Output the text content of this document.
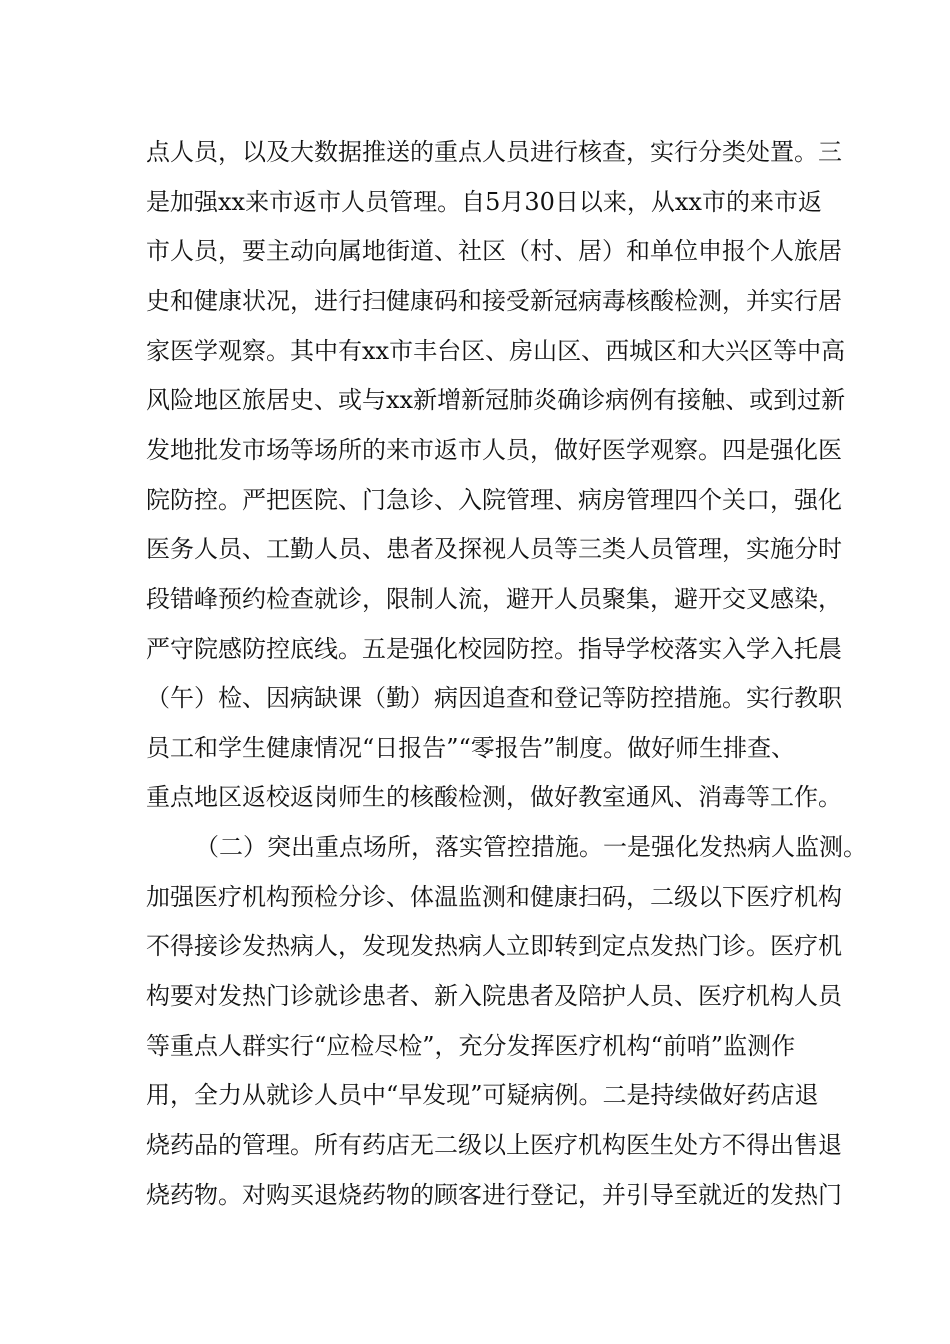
点人员，以及大数据推送的重点人员进行核查，实行分类处置。三
是加强xx来市返市人员管理。自5月30日以来，从xx市的来市返
市人员，要主动向属地街道、社区（村、居）和单位申报个人旅居
史和健康状况，进行扫健康码和接受新冠病毒核酸检测，并实行居
家医学观察。其中有xx市丰台区、房山区、西城区和大兴区等中高
风险地区旅居史、或与xx新增新冠肺炎确诊病例有接触、或到过新
发地批发市场等场所的来市返市人员，做好医学观察。四是强化医
院防控。严把医院、门急诊、入院管理、病房管理四个关口，强化
医务人员、工勤人员、患者及探视人员等三类人员管理，实施分时
段错峰预约检查就诊，限制人流，避开人员聚集，避开交叉感染，
严守院感防控底线。五是强化校园防控。指导学校落实入学入托晨
（午）检、因病缺课（勤）病因追查和登记等防控措施。实行教职
员工和学生健康情况“日报告”“零报告”制度。做好师生排查、
重点地区返校返岗师生的核酸检测，做好教室通风、消毒等工作。
（二）突出重点场所，落实管控措施。一是强化发热病人监测。
加强医疗机构预检分诊、体温监测和健康扫码，二级以下医疗机构
不得接诊发热病人，发现发热病人立即转到定点发热门诊。医疗机
构要对发热门诊就诊患者、新入院患者及陪护人员、医疗机构人员
等重点人群实行“应检尽检”，充分发挥医疗机构“前哨”监测作
用，全力从就诊人员中“早发现”可疑病例。二是持续做好药店退
烧药品的管理。所有药店无二级以上医疗机构医生处方不得出售退
烧药物。对购买退烧药物的顾客进行登记，并引导至就近的发热门
